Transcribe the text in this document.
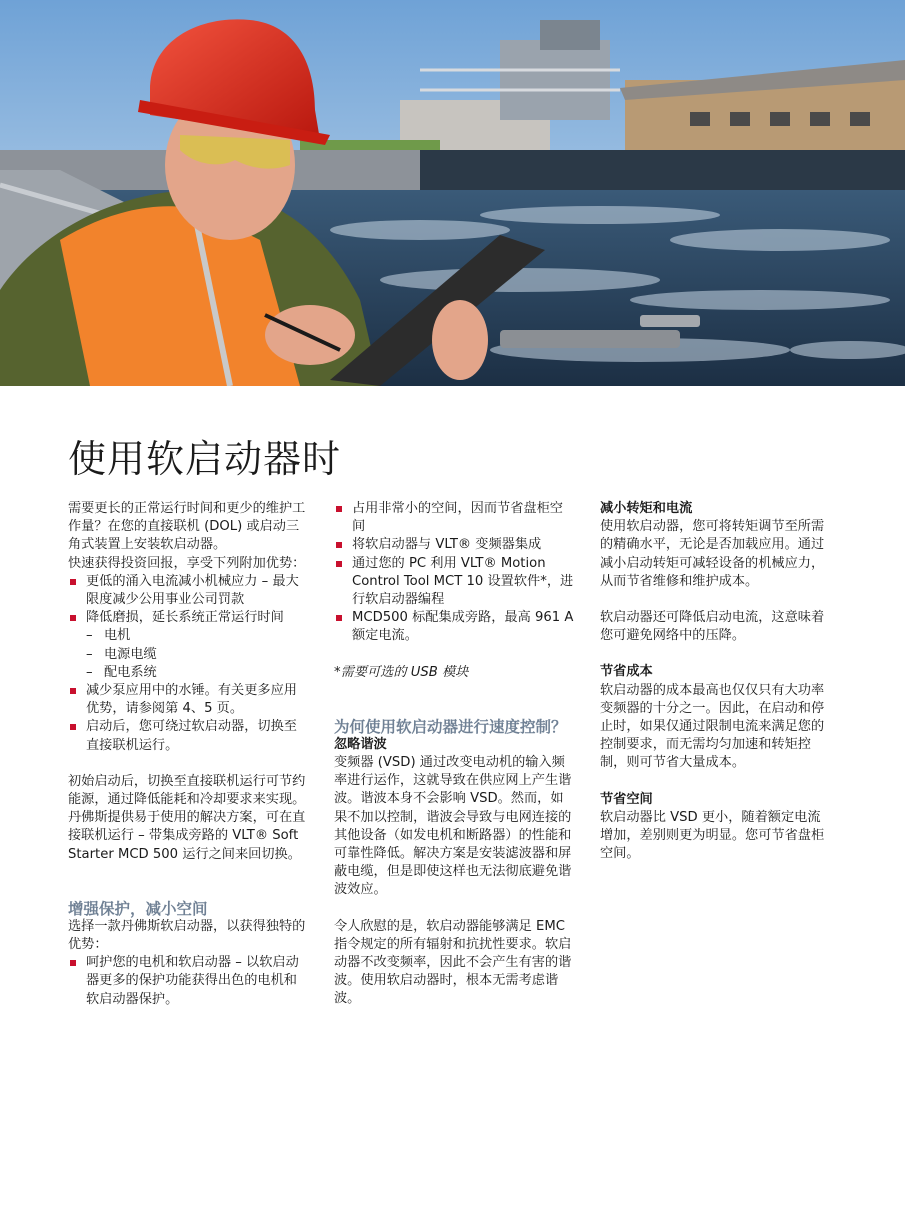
使用软启动器时

需要更长的正常运行时间和更少的维护工作量？在您的直接联机 (DOL) 或启动三角式装置上安装软启动器。

快速获得投资回报，享受下列附加优势：

更低的涌入电流减小机械应力 – 最大限度减少公用事业公司罚款
降低磨损，延长系统正常运行时间
– 电机
– 电源电缆
– 配电系统
减少泵应用中的水锤。有关更多应用优势，请参阅第 4、5 页。
启动后，您可绕过软启动器，切换至直接联机运行。

初始启动后，切换至直接联机运行可节约能源，通过降低能耗和冷却要求来实现。丹佛斯提供易于使用的解决方案，可在直接联机运行 – 带集成旁路的 VLT® Soft Starter MCD 500 运行之间来回切换。

增强保护，减小空间

选择一款丹佛斯软启动器，以获得独特的优势：

呵护您的电机和软启动器 – 以软启动器更多的保护功能获得出色的电机和软启动器保护。
占用非常小的空间，因而节省盘柜空间
将软启动器与 VLT® 变频器集成
通过您的 PC 利用 VLT® Motion Control Tool MCT 10 设置软件*，进行软启动器编程
MCD500 标配集成旁路，最高 961 A 额定电流。

*需要可选的 USB 模块

为何使用软启动器进行速度控制？

忽略谐波

变频器 (VSD) 通过改变电动机的输入频率进行运作，这就导致在供应网上产生谐波。谐波本身不会影响 VSD。然而，如果不加以控制，谐波会导致与电网连接的其他设备（如发电机和断路器）的性能和可靠性降低。解决方案是安装滤波器和屏蔽电缆，但是即使这样也无法彻底避免谐波效应。

令人欣慰的是，软启动器能够满足 EMC 指令规定的所有辐射和抗扰性要求。软启动器不改变频率，因此不会产生有害的谐波。使用软启动器时，根本无需考虑谐波。

减小转矩和电流

使用软启动器，您可将转矩调节至所需的精确水平，无论是否加载应用。通过减小启动转矩可减轻设备的机械应力，从而节省维修和维护成本。

软启动器还可降低启动电流，这意味着您可避免网络中的压降。

节省成本

软启动器的成本最高也仅仅只有大功率变频器的十分之一。因此，在启动和停止时，如果仅通过限制电流来满足您的控制要求，而无需均匀加速和转矩控制，则可节省大量成本。

节省空间

软启动器比 VSD 更小，随着额定电流增加，差别则更为明显。您可节省盘柜空间。
